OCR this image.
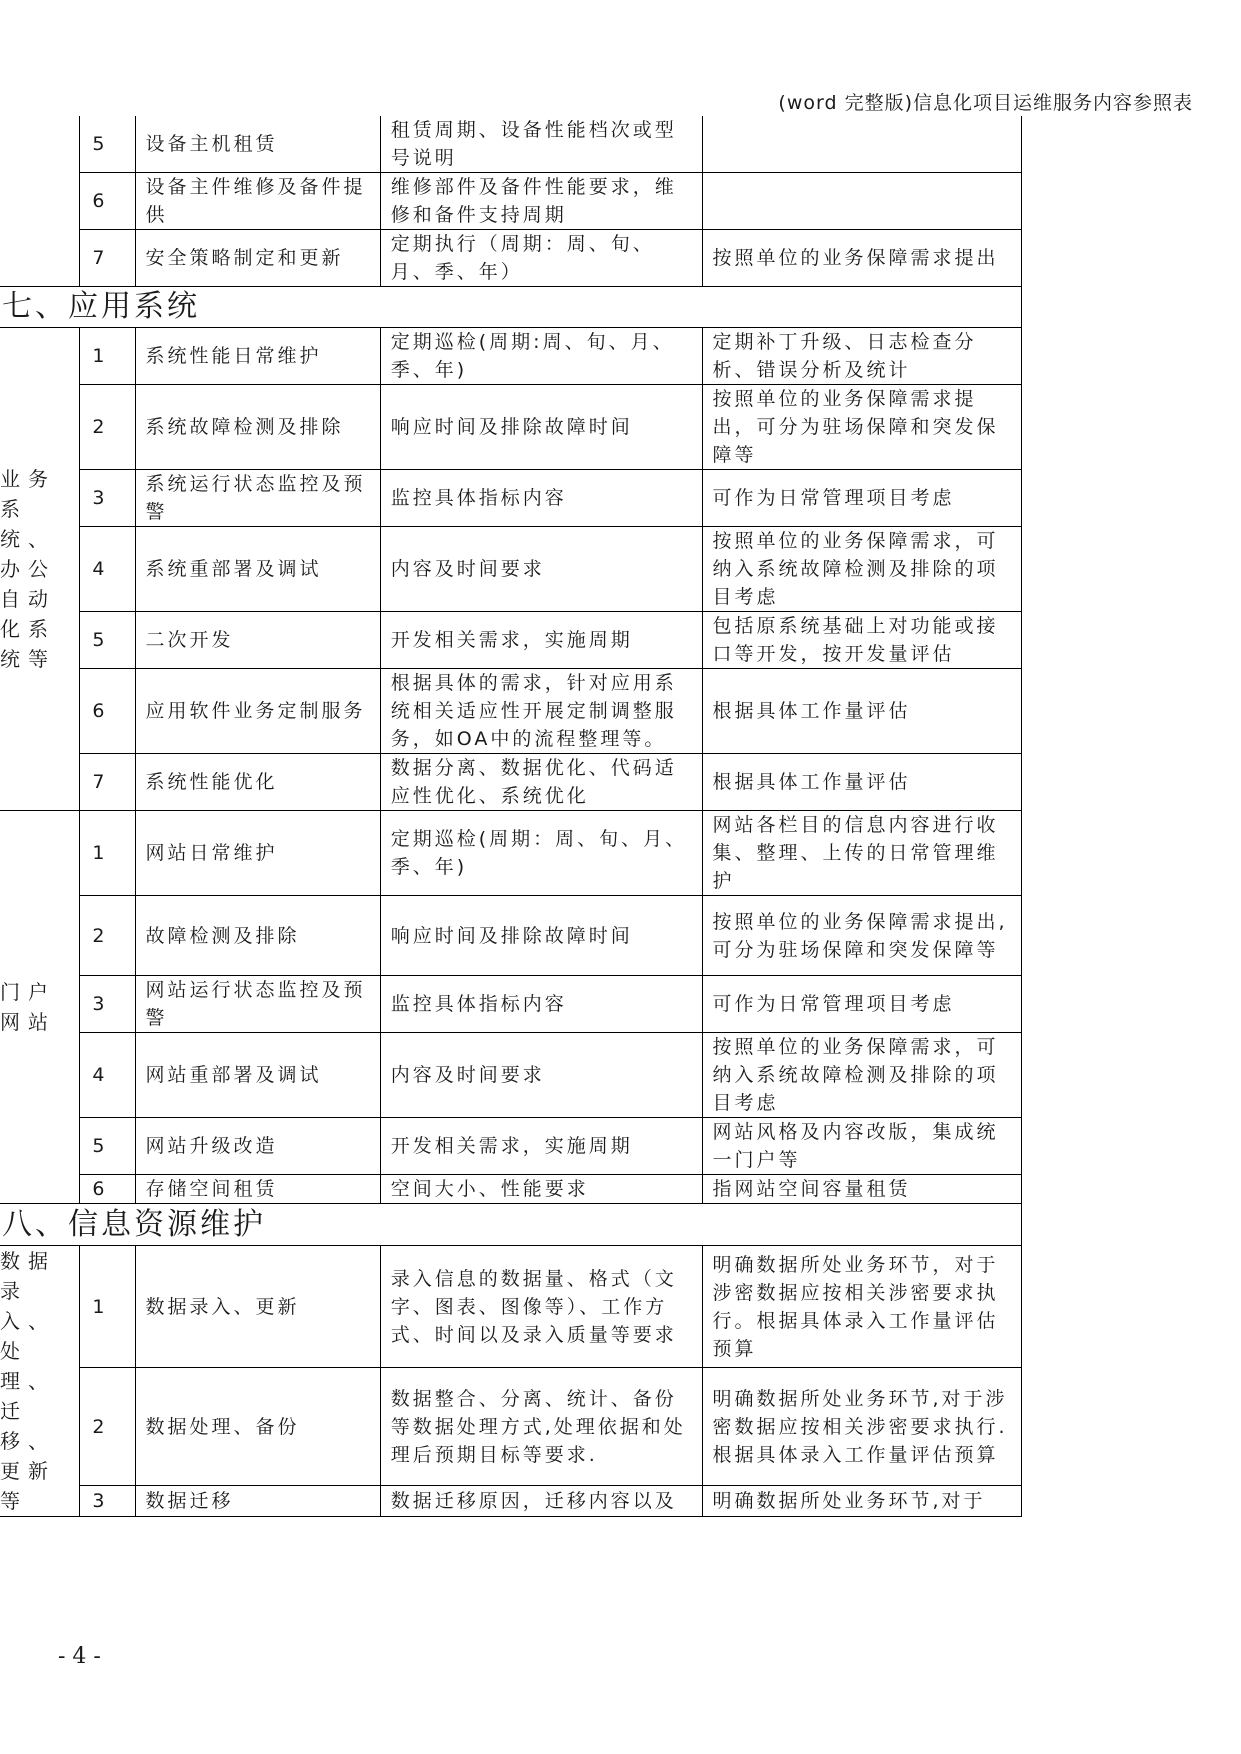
(word 完整版)信息化项目运维服务内容参照表
	5	设备主机租赁	租赁周期、设备性能档次或型号说明	
	6	设备主件维修及备件提供	维修部件及备件性能要求，维修和备件支持周期	
	7	安全策略制定和更新	定期执行（周期：周、旬、月、季、年）	按照单位的业务保障需求提出
七、应用系统				
业务系统、办公自动化系统等	1	系统性能日常维护	定期巡检(周期:周、旬、月、季、年)	定期补丁升级、日志检查分析、错误分析及统计
	2	系统故障检测及排除	响应时间及排除故障时间	按照单位的业务保障需求提出，可分为驻场保障和突发保障等
	3	系统运行状态监控及预警	监控具体指标内容	可作为日常管理项目考虑
	4	系统重部署及调试	内容及时间要求	按照单位的业务保障需求，可纳入系统故障检测及排除的项目考虑
	5	二次开发	开发相关需求，实施周期	包括原系统基础上对功能或接口等开发，按开发量评估
	6	应用软件业务定制服务	根据具体的需求，针对应用系统相关适应性开展定制调整服务，如OA中的流程整理等。	根据具体工作量评估
	7	系统性能优化	数据分离、数据优化、代码适应性优化、系统优化	根据具体工作量评估
门户网站	1	网站日常维护	定期巡检(周期：周、旬、月、季、年)	网站各栏目的信息内容进行收集、整理、上传的日常管理维护
	2	故障检测及排除	响应时间及排除故障时间	按照单位的业务保障需求提出,可分为驻场保障和突发保障等
	3	网站运行状态监控及预警	监控具体指标内容	可作为日常管理项目考虑
	4	网站重部署及调试	内容及时间要求	按照单位的业务保障需求，可纳入系统故障检测及排除的项目考虑
	5	网站升级改造	开发相关需求，实施周期	网站风格及内容改版，集成统一门户等
	6	存储空间租赁	空间大小、性能要求	指网站空间容量租赁
八、信息资源维护				
数据录入、处理、迁移、更新等	1	数据录入、更新	录入信息的数据量、格式（文字、图表、图像等）、工作方式、时间以及录入质量等要求	明确数据所处业务环节，对于涉密数据应按相关涉密要求执行。根据具体录入工作量评估预算
	2	数据处理、备份	数据整合、分离、统计、备份等数据处理方式,处理依据和处理后预期目标等要求.	明确数据所处业务环节,对于涉密数据应按相关涉密要求执行.根据具体录入工作量评估预算
	3	数据迁移	数据迁移原因，迁移内容以及	明确数据所处业务环节,对于
- 4 -
